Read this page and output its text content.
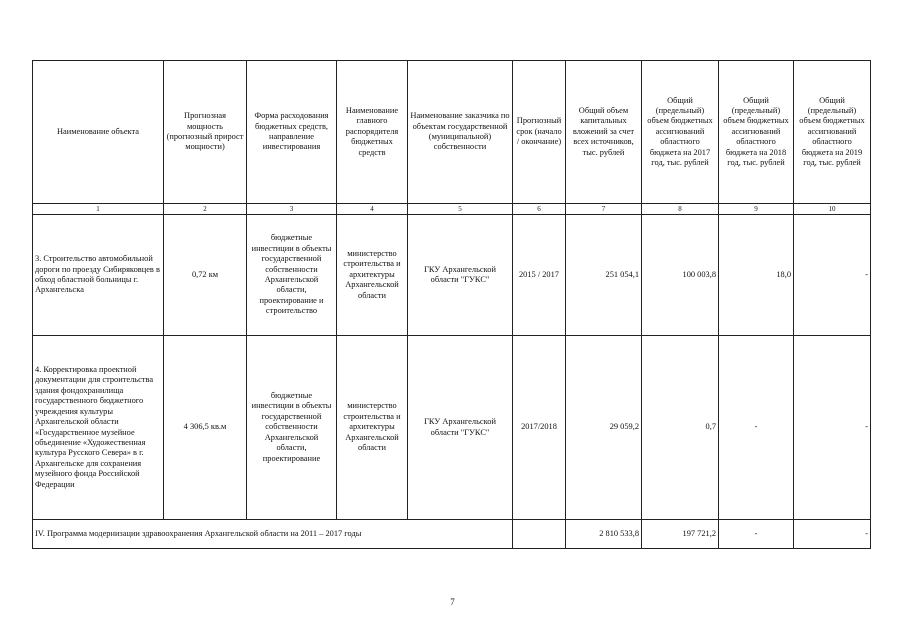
Наименование объекта	Прогнозная мощность (прогнозный прирост мощности)	Форма расходования бюджетных средств, направление инвестирования	Наименование главного распорядителя бюджетных средств	Наименование заказчика по объектам государственной (муниципальной) собственности	Прогнозный срок (начало / окончание)	Общий объем капитальных вложений за счет всех источников, тыс. рублей	Общий (предельный) объем бюджетных ассигнований областного бюджета на 2017 год, тыс. рублей	Общий (предельный) объем бюджетных ассигнований областного бюджета на 2018 год, тыс. рублей	Общий (предельный) объем бюджетных ассигнований областного бюджета на 2019 год, тыс. рублей
1	2	3	4	5	6	7	8	9	10
3. Строительство автомобильной дороги по проезду Сибиряковцев в обход областной больницы г. Архангельска	0,72 км	бюджетные инвестиции в объекты государственной собственности Архангельской области, проектирование и строительство	министерство строительства и архитектуры Архангельской области	ГКУ Архангельской области "ГУКС"	2015 / 2017	251 054,1	100 003,8	18,0	-
4. Корректировка проектной документации для строительства здания фондохранилища государственного бюджетного учреждения культуры Архангельской области «Государственное музейное объединение «Художественная культура Русского Севера» в г. Архангельске для сохранения музейного фонда Российской Федерации	4 306,5 кв.м	бюджетные инвестиции в объекты государственной собственности Архангельской области, проектирование	министерство строительства и архитектуры Архангельской области	ГКУ Архангельской области "ГУКС"	2017/2018	29 059,2	0,7	-	-
IV. Программа модернизации здравоохранения Архангельской области на 2011 – 2017 годы						2 810 533,8	197 721,2	-	-
7
